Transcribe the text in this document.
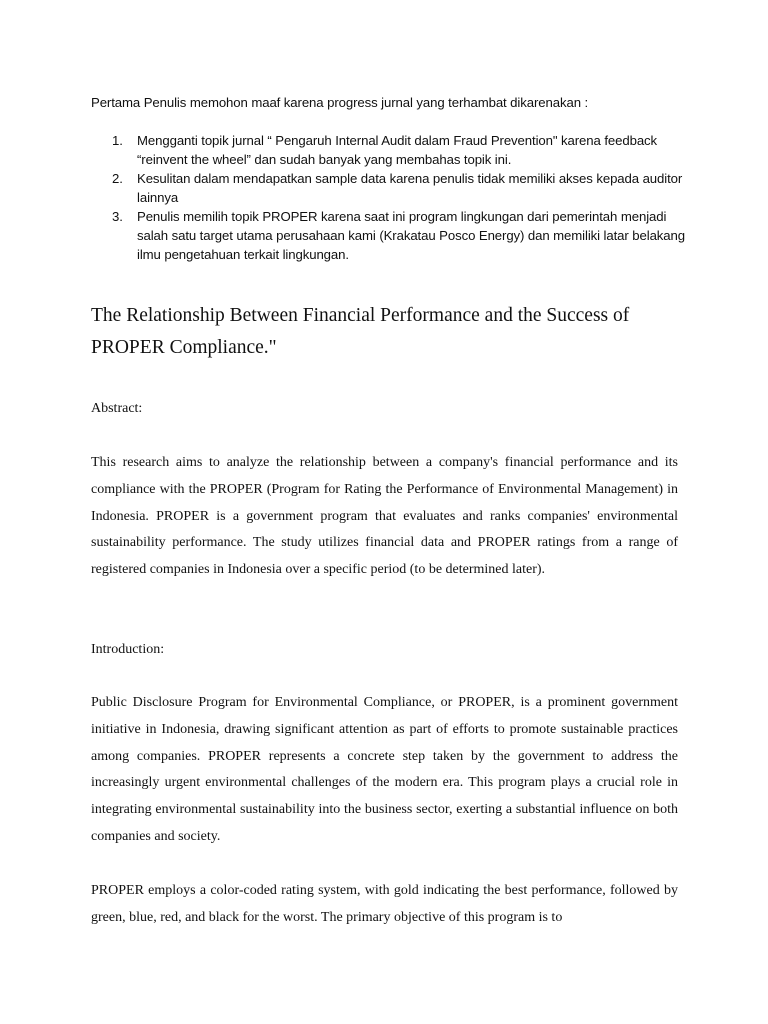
Pertama Penulis memohon maaf karena progress jurnal yang terhambat dikarenakan :

1. Mengganti topik jurnal “ Pengaruh Internal Audit dalam Fraud Prevention" karena feedback “reinvent the wheel” dan sudah banyak yang membahas topik ini.
2. Kesulitan dalam mendapatkan sample data karena penulis tidak memiliki akses kepada auditor lainnya
3. Penulis memilih topik PROPER karena saat ini program lingkungan dari pemerintah menjadi salah satu target utama perusahaan kami (Krakatau Posco Energy) dan memiliki latar belakang ilmu pengetahuan terkait lingkungan.
The Relationship Between Financial Performance and the Success of PROPER Compliance."

Abstract:

This research aims to analyze the relationship between a company's financial performance and its compliance with the PROPER (Program for Rating the Performance of Environmental Management) in Indonesia. PROPER is a government program that evaluates and ranks companies' environmental sustainability performance. The study utilizes financial data and PROPER ratings from a range of registered companies in Indonesia over a specific period (to be determined later).

Introduction:

Public Disclosure Program for Environmental Compliance, or PROPER, is a prominent government initiative in Indonesia, drawing significant attention as part of efforts to promote sustainable practices among companies. PROPER represents a concrete step taken by the government to address the increasingly urgent environmental challenges of the modern era. This program plays a crucial role in integrating environmental sustainability into the business sector, exerting a substantial influence on both companies and society.

PROPER employs a color-coded rating system, with gold indicating the best performance, followed by green, blue, red, and black for the worst. The primary objective of this program is to
